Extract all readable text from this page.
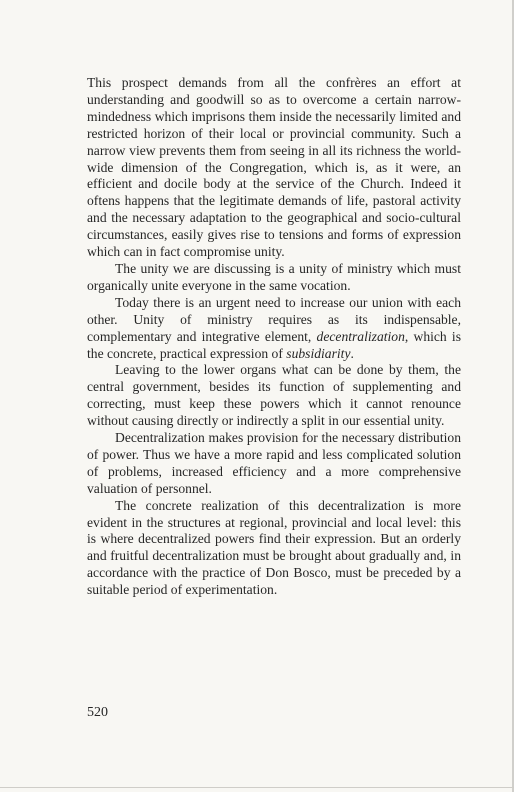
This prospect demands from all the confrères an effort at understanding and goodwill so as to overcome a certain narrow-mindedness which imprisons them inside the necessarily limited and restricted horizon of their local or provincial community. Such a narrow view prevents them from seeing in all its richness the world-wide dimension of the Congregation, which is, as it were, an efficient and docile body at the service of the Church. Indeed it oftens happens that the legitimate demands of life, pastoral activity and the necessary adaptation to the geographical and socio-cultural circumstances, easily gives rise to tensions and forms of expression which can in fact compromise unity.

The unity we are discussing is a unity of ministry which must organically unite everyone in the same vocation.

Today there is an urgent need to increase our union with each other. Unity of ministry requires as its indispensable, complementary and integrative element, decentralization, which is the concrete, practical expression of subsidiarity.

Leaving to the lower organs what can be done by them, the central government, besides its function of supplementing and correcting, must keep these powers which it cannot renounce without causing directly or indirectly a split in our essential unity.

Decentralization makes provision for the necessary distribution of power. Thus we have a more rapid and less complicated solution of problems, increased efficiency and a more comprehensive valuation of personnel.

The concrete realization of this decentralization is more evident in the structures at regional, provincial and local level: this is where decentralized powers find their expression. But an orderly and fruitful decentralization must be brought about gradually and, in accordance with the practice of Don Bosco, must be preceded by a suitable period of experimentation.

520
